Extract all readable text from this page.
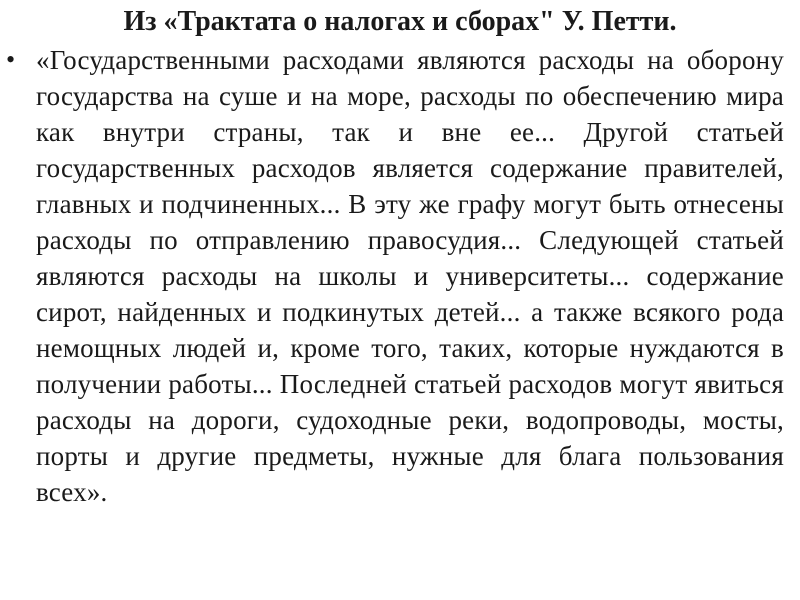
Из «Трактата о налогах и сборах" У. Петти.
• «Государственными расходами являются расходы на оборону государства на суше и на море, расходы по обеспечению мира как внутри страны, так и вне ее... Другой статьей государственных расходов является содержание правителей, главных и подчиненных... В эту же графу могут быть отнесены расходы по отправлению правосудия... Следующей статьей являются расходы на школы и университеты... содержание сирот, найденных и подкинутых детей... а также всякого рода немощных людей и, кроме того, таких, которые нуждаются в получении работы... Последней статьей расходов могут явиться расходы на дороги, судоходные реки, водопроводы, мосты, порты и другие предметы, нужные для блага пользования всех».
